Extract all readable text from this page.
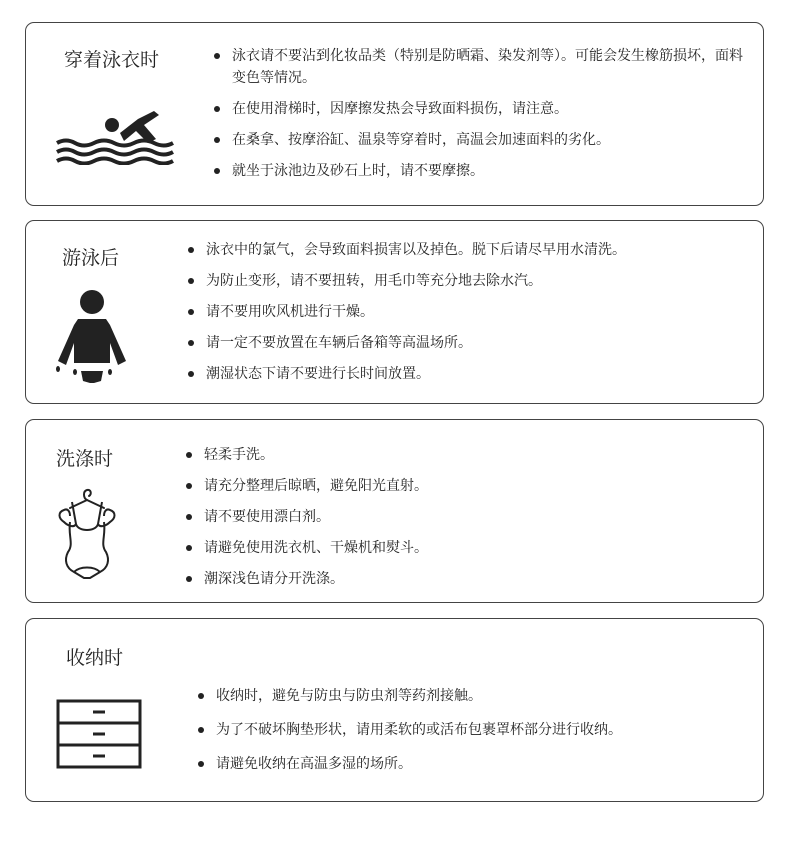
穿着泳衣时	泳衣请不要沾到化妆品类（特别是防晒霜、染发剂等）。可能会发生橡筋损坏，面料变色等情况。
在使用滑梯时，因摩擦发热会导致面料损伤，请注意。
在桑拿、按摩浴缸、温泉等穿着时，高温会加速面料的劣化。
就坐于泳池边及砂石上时，请不要摩擦。
游泳后	泳衣中的氯气，会导致面料损害以及掉色。脱下后请尽早用水清洗。
为防止变形，请不要扭转，用毛巾等充分地去除水汽。
请不要用吹风机进行干燥。
请一定不要放置在车辆后备箱等高温场所。
潮湿状态下请不要进行长时间放置。
洗涤时	轻柔手洗。
请充分整理后晾晒，避免阳光直射。
请不要使用漂白剂。
请避免使用洗衣机、干燥机和熨斗。
潮深浅色请分开洗涤。
收纳时
收纳时，避免与防虫与防虫剂等药剂接触。
为了不破坏胸垫形状，请用柔软的或活布包裹罩杯部分进行收纳。
请避免收纳在高温多湿的场所。
